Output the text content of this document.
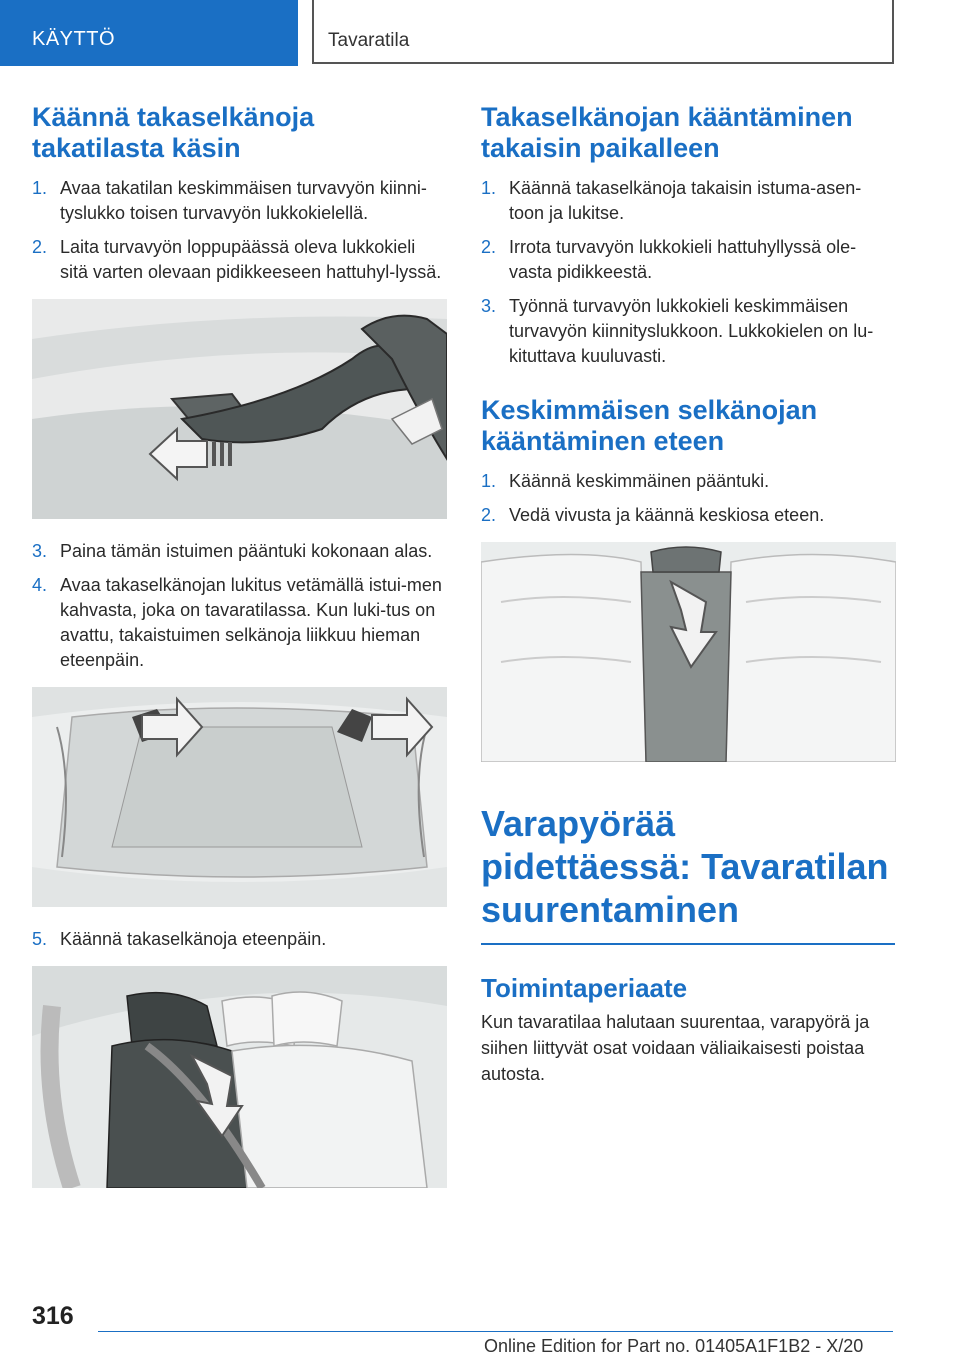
KÄYTTÖ	Tavaratila
Käännä takaselkänoja takatilasta käsin
1. Avaa takatilan keskimmäisen turvavyön kiinni-tyslukko toisen turvavyön lukkokielellä.
2. Laita turvavyön loppupäässä oleva lukkokieli sitä varten olevaan pidikkeeseen hattuhyl-lyssä.
3. Paina tämän istuimen pääntuki kokonaan alas.
4. Avaa takaselkänojan lukitus vetämällä istui-men kahvasta, joka on tavaratilassa. Kun luki-tus on avattu, takaistuimen selkänoja liikkuu hieman eteenpäin.
5. Käännä takaselkänoja eteenpäin.
Takaselkänojan kääntäminen takaisin paikalleen
1. Käännä takaselkänoja takaisin istuma-asen-toon ja lukitse.
2. Irrota turvavyön lukkokieli hattuhyllyssä ole-vasta pidikkeestä.
3. Työnnä turvavyön lukkokieli keskimmäisen turvavyön kiinnityslukkoon. Lukkokielen on lu-kituttava kuuluvasti.
Keskimmäisen selkänojan kääntäminen eteen
1. Käännä keskimmäinen pääntuki.
2. Vedä vivusta ja käännä keskiosa eteen.
Varapyörää pidettäessä: Tavaratilan suurentaminen
Toimintaperiaate

Kun tavaratilaa halutaan suurentaa, varapyörä ja siihen liittyvät osat voidaan väliaikaisesti poistaa autosta.

316
Online Edition for Part no. 01405A1F1B2 - X/20
